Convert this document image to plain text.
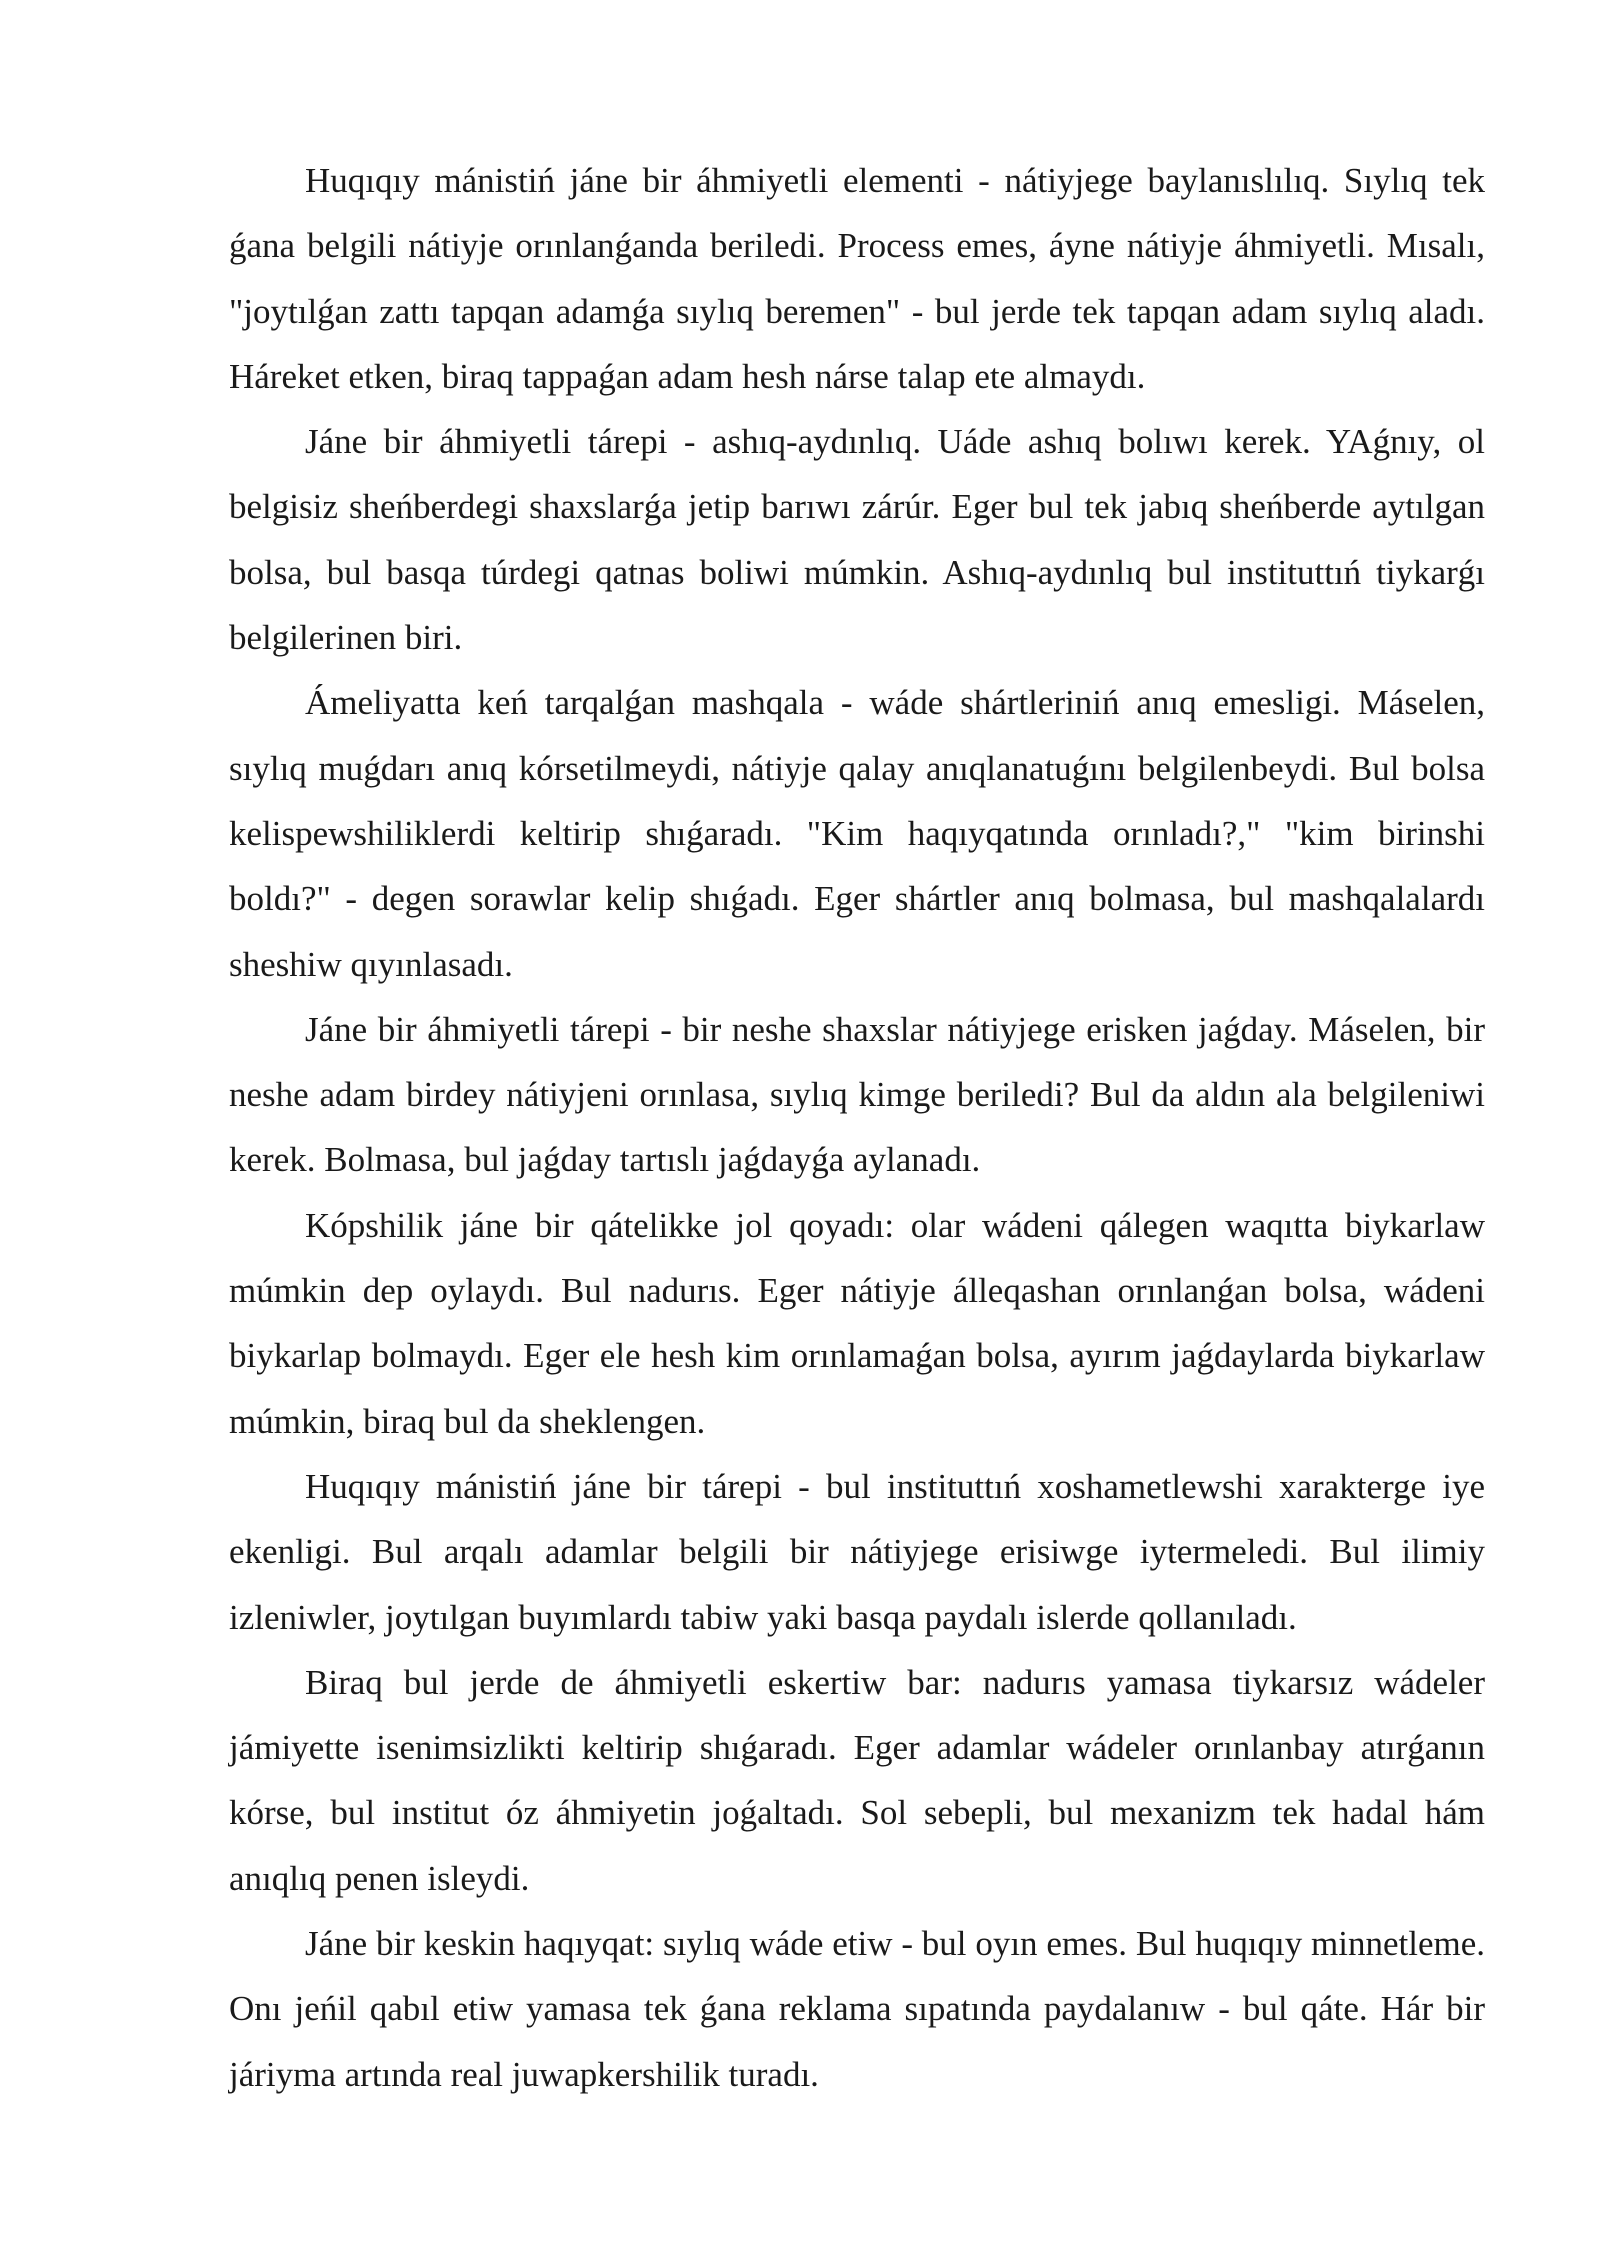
Huqıqıy mánistiń jáne bir áhmiyetli elementi - nátiyjege baylanıslılıq. Sıylıq tek ǵana belgili nátiyje orınlanǵanda beriledi. Process emes, áyne nátiyje áhmiyetli. Mısalı, "joytılǵan zattı tapqan adamǵa sıylıq beremen" - bul jerde tek tapqan adam sıylıq aladı. Háreket etken, biraq tappaǵan adam hesh nárse talap ete almaydı.

Jáne bir áhmiyetli tárepi - ashıq-aydınlıq. Uáde ashıq bolıwı kerek. YAǵnıy, ol belgisiz sheńberdegi shaxslarǵa jetip barıwı zárúr. Eger bul tek jabıq sheńberde aytılgan bolsa, bul basqa túrdegi qatnas boliwi múmkin. Ashıq-aydınlıq bul instituttıń tiykarǵı belgilerinen biri.

Ámeliyatta keń tarqalǵan mashqala - wáde shártleriniń anıq emesligi. Máselen, sıylıq muǵdarı anıq kórsetilmeydi, nátiyje qalay anıqlanatuǵını belgilenbeydi. Bul bolsa kelispewshiliklerdi keltirip shıǵaradı. "Kim haqıyqatında orınladı?," "kim birinshi boldı?" - degen sorawlar kelip shıǵadı. Eger shártler anıq bolmasa, bul mashqalalardı sheshiw qıyınlasadı.

Jáne bir áhmiyetli tárepi - bir neshe shaxslar nátiyjege erisken jaǵday. Máselen, bir neshe adam birdey nátiyjeni orınlasa, sıylıq kimge beriledi? Bul da aldın ala belgileniwi kerek. Bolmasa, bul jaǵday tartıslı jaǵdayǵa aylanadı.

Kópshilik jáne bir qátelikke jol qoyadı: olar wádeni qálegen waqıtta biykarlaw múmkin dep oylaydı. Bul nadurıs. Eger nátiyje álleqashan orınlanǵan bolsa, wádeni biykarlap bolmaydı. Eger ele hesh kim orınlamaǵan bolsa, ayırım jaǵdaylarda biykarlaw múmkin, biraq bul da sheklengen.

Huqıqıy mánistiń jáne bir tárepi - bul instituttıń xoshametlewshi xarakterge iye ekenligi. Bul arqalı adamlar belgili bir nátiyjege erisiwge iytermeledi. Bul ilimiy izleniwler, joytılgan buyımlardı tabiw yaki basqa paydalı islerde qollanıladı.

Biraq bul jerde de áhmiyetli eskertiw bar: nadurıs yamasa tiykarsız wádeler jámiyette isenimsizlikti keltirip shıǵaradı. Eger adamlar wádeler orınlanbay atırǵanın kórse, bul institut óz áhmiyetin joǵaltadı. Sol sebepli, bul mexanizm tek hadal hám anıqlıq penen isleydi.

Jáne bir keskin haqıyqat: sıylıq wáde etiw - bul oyın emes. Bul huqıqıy minnetleme. Onı jeńil qabıl etiw yamasa tek ǵana reklama sıpatında paydalanıw - bul qáte. Hár bir járiyma artında real juwapkershilik turadı.
